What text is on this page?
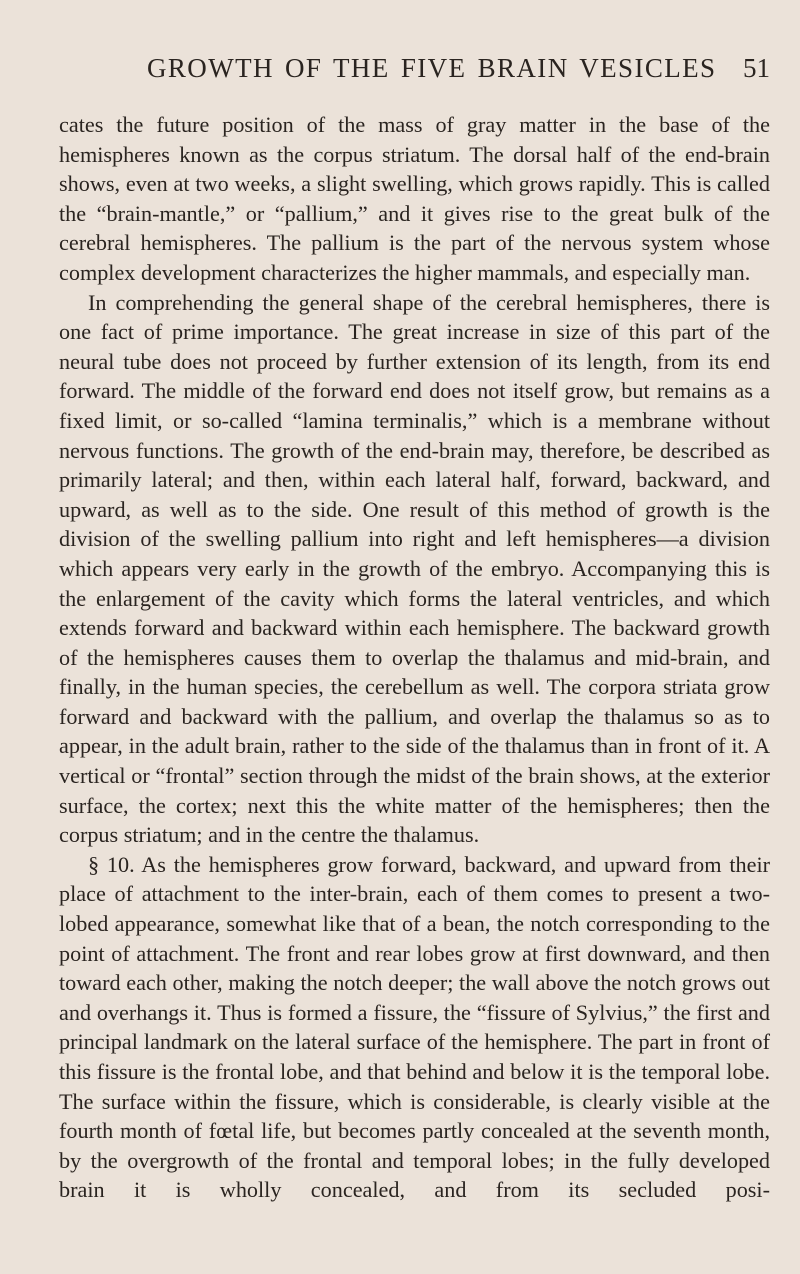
GROWTH OF THE FIVE BRAIN VESICLES 51

cates the future position of the mass of gray matter in the base of the hemispheres known as the corpus striatum. The dorsal half of the end-brain shows, even at two weeks, a slight swelling, which grows rapidly. This is called the “brain-mantle,” or “pallium,” and it gives rise to the great bulk of the cerebral hemispheres. The pallium is the part of the nervous system whose complex development characterizes the higher mammals, and especially man.

In comprehending the general shape of the cerebral hemispheres, there is one fact of prime importance. The great increase in size of this part of the neural tube does not proceed by further extension of its length, from its end forward. The middle of the forward end does not itself grow, but remains as a fixed limit, or so-called “lamina terminalis,” which is a membrane without nervous functions. The growth of the end-brain may, therefore, be described as primarily lateral; and then, within each lateral half, forward, backward, and upward, as well as to the side. One result of this method of growth is the division of the swelling pallium into right and left hemispheres—a division which appears very early in the growth of the embryo. Accompanying this is the enlargement of the cavity which forms the lateral ventricles, and which extends forward and backward within each hemisphere. The backward growth of the hemispheres causes them to overlap the thalamus and mid-brain, and finally, in the human species, the cerebellum as well. The corpora striata grow forward and backward with the pallium, and overlap the thalamus so as to appear, in the adult brain, rather to the side of the thalamus than in front of it. A vertical or “frontal” section through the midst of the brain shows, at the exterior surface, the cortex; next this the white matter of the hemispheres; then the corpus striatum; and in the centre the thalamus.

§ 10. As the hemispheres grow forward, backward, and upward from their place of attachment to the inter-brain, each of them comes to present a two-lobed appearance, somewhat like that of a bean, the notch corresponding to the point of attachment. The front and rear lobes grow at first downward, and then toward each other, making the notch deeper; the wall above the notch grows out and overhangs it. Thus is formed a fissure, the “fissure of Sylvius,” the first and principal landmark on the lateral surface of the hemisphere. The part in front of this fissure is the frontal lobe, and that behind and below it is the temporal lobe. The surface within the fissure, which is considerable, is clearly visible at the fourth month of fœtal life, but becomes partly concealed at the seventh month, by the overgrowth of the frontal and temporal lobes; in the fully developed brain it is wholly concealed, and from its secluded posi-
